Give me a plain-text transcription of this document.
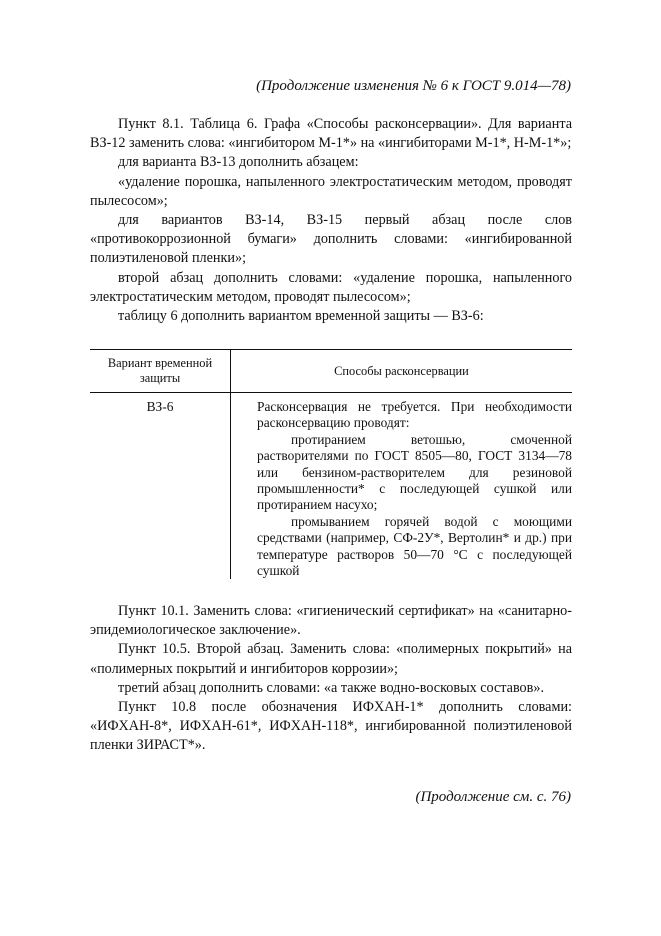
(Продолжение изменения № 6 к ГОСТ 9.014—78)

Пункт 8.1. Таблица 6. Графа «Способы расконсервации». Для варианта ВЗ-12 заменить слова: «ингибитором М-1*» на «ингибиторами М-1*, Н-М-1*»;

для варианта ВЗ-13 дополнить абзацем:

«удаление порошка, напыленного электростатическим методом, проводят пылесосом»;

для вариантов ВЗ-14, ВЗ-15 первый абзац после слов «противокоррозионной бумаги» дополнить словами: «ингибированной полиэтиленовой пленки»;

второй абзац дополнить словами: «удаление порошка, напыленного электростатическим методом, проводят пылесосом»;

таблицу 6 дополнить вариантом временной защиты — ВЗ-6:

Вариант временной защиты	Способы расконсервации
ВЗ-6	Расконсервация не требуется. При необходимости расконсервацию проводят:

протиранием ветошью, смоченной растворителями по ГОСТ 8505—80, ГОСТ 3134—78 или бензином-растворителем для резиновой промышленности* с последующей сушкой или протиранием насухо;

промыванием горячей водой с моющими средствами (например, СФ-2У*, Вертолин* и др.) при температуре растворов 50—70 °С с последующей сушкой

Пункт 10.1. Заменить слова: «гигиенический сертификат» на «санитарно-эпидемиологическое заключение».

Пункт 10.5. Второй абзац. Заменить слова: «полимерных покрытий» на «полимерных покрытий и ингибиторов коррозии»;

третий абзац дополнить словами: «а также водно-восковых составов».

Пункт 10.8 после обозначения ИФХАН-1* дополнить словами: «ИФХАН-8*, ИФХАН-61*, ИФХАН-118*, ингибированной полиэтиленовой пленки ЗИРАСТ*».

(Продолжение см. с. 76)
